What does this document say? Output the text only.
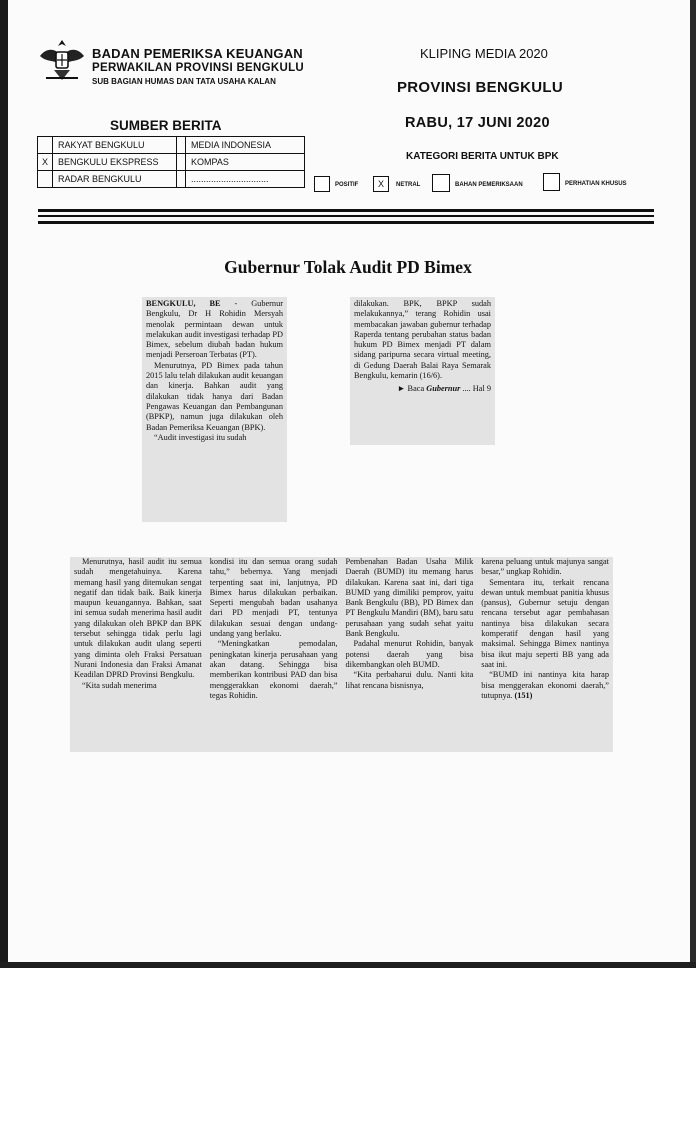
BADAN PEMERIKSA KEUANGAN
PERWAKILAN PROVINSI BENGKULU
SUB BAGIAN HUMAS DAN TATA USAHA KALAN
KLIPING MEDIA 2020
PROVINSI BENGKULU
RABU, 17 JUNI 2020
SUMBER BERITA
	RAKYAT BENGKULU		MEDIA INDONESIA
X	BENGKULU EKSPRESS		KOMPAS
	RADAR BENGKULU		...............................
KATEGORI BERITA UNTUK BPK
POSITIF	X	NETRAL	BAHAN PEMERIKSAAN	PERHATIAN KHUSUS
Gubernur Tolak Audit PD Bimex

BENGKULU, BE - Gubernur Bengkulu, Dr H Rohidin Mersyah menolak permintaan dewan untuk melakukan audit investigasi terhadap PD Bimex, sebelum diubah badan hukum menjadi Perseroan Terbatas (PT).

Menurutnya, PD Bimex pada tahun 2015 lalu telah dilakukan audit keuangan dan kinerja. Bahkan audit yang dilakukan tidak hanya dari Badan Pengawas Keuangan dan Pembangunan (BPKP), namun juga dilakukan oleh Badan Pemeriksa Keuangan (BPK).

“Audit investigasi itu sudah

dilakukan. BPK, BPKP sudah melakukannya,” terang Rohidin usai membacakan jawaban gubernur terhadap Raperda tentang perubahan status badan hukum PD Bimex menjadi PT dalam sidang paripurna secara virtual meeting, di Gedung Daerah Balai Raya Semarak Bengkulu, kemarin (16/6).

► Baca Gubernur .... Hal 9

Menurutnya, hasil audit itu semua sudah mengetahuinya. Karena memang hasil yang ditemukan sengat negatif dan tidak baik. Baik kinerja maupun keuangannya. Bahkan, saat ini semua sudah menerima hasil audit yang dilakukan oleh BPKP dan BPK tersebut sehingga tidak perlu lagi untuk dilakukan audit ulang seperti yang diminta oleh Fraksi Persatuan Nurani Indonesia dan Fraksi Amanat Keadilan DPRD Provinsi Bengkulu.

“Kita sudah menerima

kondisi itu dan semua orang sudah tahu,” bebernya. Yang menjadi terpenting saat ini, lanjutnya, PD Bimex harus dilakukan perbaikan. Seperti mengubah badan usahanya dari PD menjadi PT, tentunya dilakukan sesuai dengan undang-undang yang berlaku.

“Meningkatkan pemodalan, peningkatan kinerja perusahaan yang akan datang. Sehingga bisa memberikan kontribusi PAD dan bisa menggerakkan ekonomi daerah,” tegas Rohidin.

Pembenahan Badan Usaha Milik Daerah (BUMD) itu memang harus dilakukan. Karena saat ini, dari tiga BUMD yang dimiliki pemprov, yaitu Bank Bengkulu (BB), PD Bimex dan PT Bengkulu Mandiri (BM), baru satu perusahaan yang sudah sehat yaitu Bank Bengkulu.

Padahal menurut Rohidin, banyak potensi daerah yang bisa dikembangkan oleh BUMD.

“Kita perbaharui dulu. Nanti kita lihat rencana bisnisnya,

karena peluang untuk majunya sangat besar,” ungkap Rohidin.

Sementara itu, terkait rencana dewan untuk membuat panitia khusus (pansus), Gubernur setuju dengan rencana tersebut agar pembahasan nantinya bisa dilakukan secara komperatif dengan hasil yang maksimal. Sehingga Bimex nantinya bisa ikut maju seperti BB yang ada saat ini.

“BUMD ini nantinya kita harap bisa menggerakan ekonomi daerah,” tutupnya. (151)
